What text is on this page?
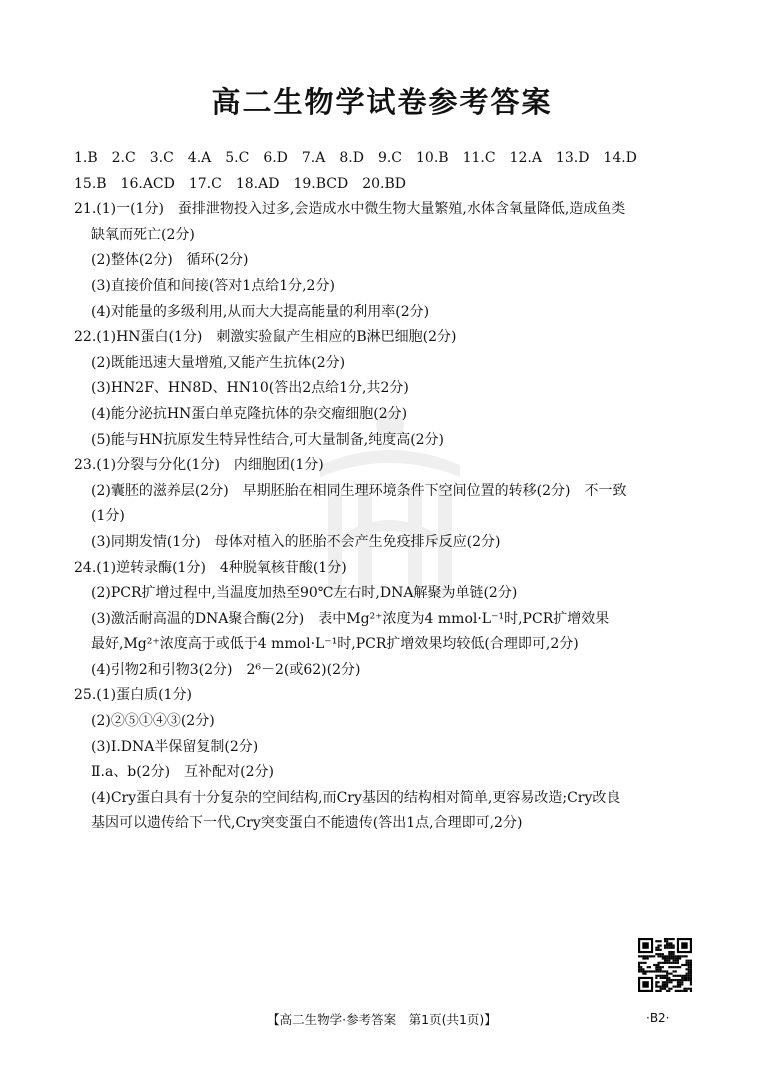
高二生物学试卷参考答案
1.B　2.C　3.C　4.A　5.C　6.D　7.A　8.D　9.C　10.B　11.C　12.A　13.D　14.D
15.B　16.ACD　17.C　18.AD　19.BCD　20.BD
21.(1)一(1分)　蚕排泄物投入过多,会造成水中微生物大量繁殖,水体含氧量降低,造成鱼类
缺氧而死亡(2分)
(2)整体(2分)　循环(2分)
(3)直接价值和间接(答对1点给1分,2分)
(4)对能量的多级利用,从而大大提高能量的利用率(2分)
22.(1)HN蛋白(1分)　刺激实验鼠产生相应的B淋巴细胞(2分)
(2)既能迅速大量增殖,又能产生抗体(2分)
(3)HN2F、HN8D、HN10(答出2点给1分,共2分)
(4)能分泌抗HN蛋白单克隆抗体的杂交瘤细胞(2分)
(5)能与HN抗原发生特异性结合,可大量制备,纯度高(2分)
23.(1)分裂与分化(1分)　内细胞团(1分)
(2)囊胚的滋养层(2分)　早期胚胎在相同生理环境条件下空间位置的转移(2分)　不一致
(1分)
(3)同期发情(1分)　母体对植入的胚胎不会产生免疫排斥反应(2分)
24.(1)逆转录酶(1分)　4种脱氧核苷酸(1分)
(2)PCR扩增过程中,当温度加热至90℃左右时,DNA解聚为单链(2分)
(3)激活耐高温的DNA聚合酶(2分)　表中Mg²⁺浓度为4 mmol·L⁻¹时,PCR扩增效果
最好,Mg²⁺浓度高于或低于4 mmol·L⁻¹时,PCR扩增效果均较低(合理即可,2分)
(4)引物2和引物3(2分)　2⁶－2(或62)(2分)
25.(1)蛋白质(1分)
(2)②⑤①④③(2分)
(3)Ⅰ.DNA半保留复制(2分)
Ⅱ.a、b(2分)　互补配对(2分)
(4)Cry蛋白具有十分复杂的空间结构,而Cry基因的结构相对简单,更容易改造;Cry改良
基因可以遗传给下一代,Cry突变蛋白不能遗传(答出1点,合理即可,2分)
【高二生物学·参考答案　第1页(共1页)】	·B2·
